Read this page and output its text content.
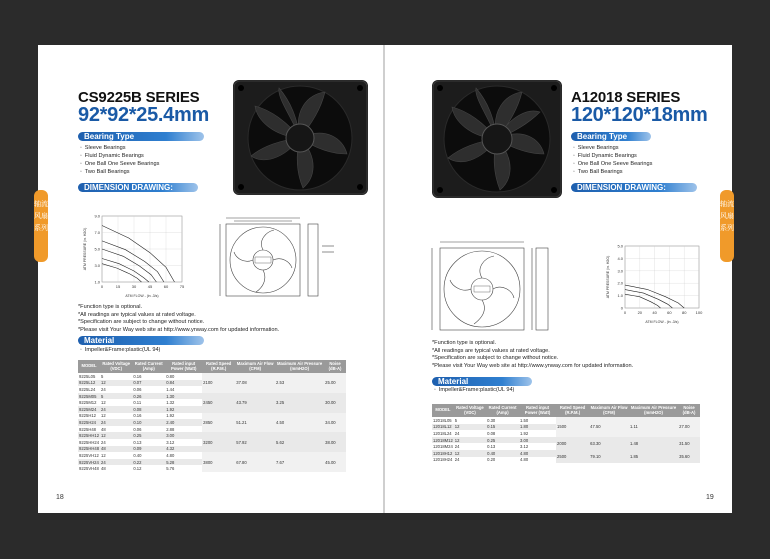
轴流风扇系列
CS9225B SERIES
92*92*25.4mm
Bearing Type
▫ Sleeve Bearings
▫ Fluid Dynamic Bearings
▫ One Ball One Seeve Bearings
▫ Two Ball Bearings
DIMENSION DRAWING:
0	15	30	45	60	75
9.0
7.0
5.0
3.0
1.0
ATM FLOW - (in -3/s)
ATM PRESSURE (in. H2O)
*Function type is optional.
*All readings are typical values at rated voltage.
*Specification are subject to change without notice.
*Please visit Your Way web site at http://www.ynway.com for updated information.
Material
▫ Impeller&Frame:plastic(UL 94)
MODEL	Rated Voltage (VDC)	Rated Current (Amp)	Rated input Power (Watt)	Rated Speed (R.P.M.)	Maximum Air Flow (CFM)	Maximum Air Pressure (mmH2O)	Noise (dB-A)
9225L05	5	0.16	0.80	2100	37.08	2.53	25.00
9225L12	12	0.07	0.84				
9225L24	24	0.06	1.44				
9225M05	5	0.26	1.30	2450	43.79	3.25	30.00
9225M12	12	0.11	1.32				
9225M24	24	0.08	1.92				
9225H12	12	0.16	1.92	2850	51.21	4.50	34.00
9225H24	24	0.10	2.40				
9225H48	48	0.06	2.88				
9225HH12	12	0.25	3.00	3200	57.92	5.62	38.00
9225HH24	24	0.13	3.12				
9225HH48	48	0.09	4.32				
9225VH12	12	0.40	4.80	3800	67.80	7.67	45.00
9225VH24	24	0.22	5.28				
9225VH48	48	0.12	5.76				
18
轴流风扇系列
A12018 SERIES
120*120*18mm
Bearing Type
▫ Sleeve Bearings
▫ Fluid Dynamic Bearings
▫ One Ball One Seeve Bearings
▫ Two Ball Bearings
DIMENSION DRAWING:
0	20	40	60	80 100
5.0
4.0
3.0
2.0
1.0
0
ATM FLOW - (in -3/s)
ATM PRESSURE (in. H2O)
*Function type is optional.
*All readings are typical values at rated voltage.
*Specification are subject to change without notice.
*Please visit Your Way web site at http://www.ynway.com for updated information.
Material
▫ Impeller&Frame:plastic(UL 94)
MODEL	Rated Voltage (VDC)	Rated Current (Amp)	Rated input Power (Watt)	Rated Speed (R.P.M.)	Maximum Air Flow (CFM)	Maximum Air Pressure (mmH2O)	Noise (dB-A)
12018L05	5	0.30	1.50	1500	47.50	1.11	27.00
12018L12	12	0.15	1.80				
12018L24	24	0.08	1.92				
12018M12	12	0.25	3.00	2000	63.30	1.48	31.50
12018M24	24	0.13	3.12				
12018H12	12	0.40	4.80	2500	79.10	1.85	35.60
12018H24	24	0.20	4.80				
19
